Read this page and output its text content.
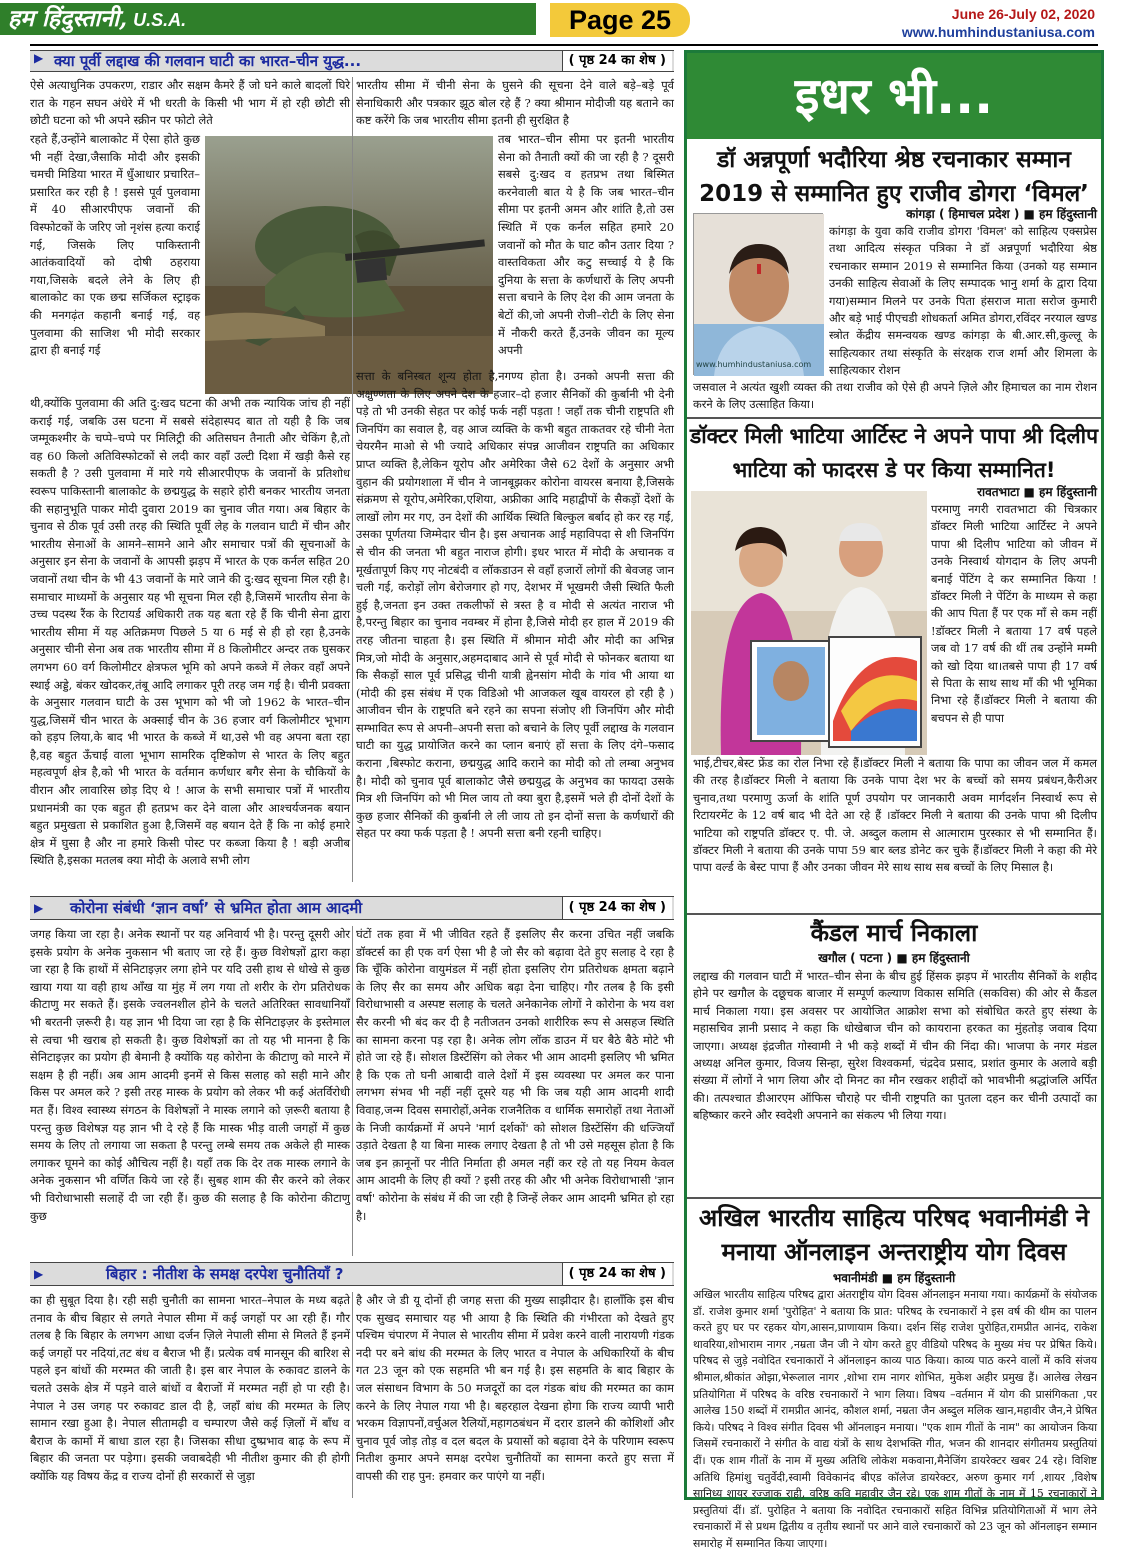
हम हिंदुस्तानी, U.S.A.	Page 25	June 26-July 02, 2020
www.humhindustaniusa.com
▶ क्या पूर्वी लद्दाख की गलवान घाटी का भारत–चीन युद्ध...	( पृष्ठ 24 का शेष )
ऐसे अत्याधुनिक उपकरण, राडार और सक्षम कैमरे हैं जो घने काले बादलों घिरे रात के गहन सघन अंधेरे में भी धरती के किसी भी भाग में हो रही छोटी सी छोटी घटना को भी अपने स्क्रीन पर फोटो लेते
रहते हैं,उन्होंने बालाकोट में ऐसा होते कुछ भी नहीं देखा,जैसाकि मोदी और इसकी चमची मिडिया भारत में धुँआधार प्रचारित–प्रसारित कर रही है ! इससे पूर्व पुलवामा में 40 सीआरपीएफ जवानों की विस्फोटकों के जरिए जो नृशंस हत्या कराई गई, जिसके लिए पाकिस्तानी आतंकवादियों को दोषी ठहराया गया,जिसके बदले लेने के लिए ही बालाकोट का एक छद्म सर्जिकल स्ट्राइक की मनगढ़ंत कहानी बनाई गई, वह पुलवामा की साजिश भी मोदी सरकार द्वारा ही बनाई गई
थी,क्योंकि पुलवामा की अति दु:खद घटना की अभी तक न्यायिक जांच ही नहीं कराई गई, जबकि उस घटना में सबसे संदेहास्पद बात तो यही है कि जब जम्मूकश्मीर के चप्पे–चप्पे पर मिलिट्री की अतिसघन तैनाती और चेकिंग है,तो वह 60 किलो अतिविस्फोटकों से लदी कार वहाँ उल्टी दिशा में खड़ी कैसे रह सकती है ? उसी पुलवामा में मारे गये सीआरपीएफ के जवानों के प्रतिशोध स्वरूप पाकिस्तानी बालाकोट के छद्मयुद्ध के सहारे होरी बनकर भारतीय जनता की सहानुभूति पाकर मोदी दुवारा 2019 का चुनाव जीत गया। अब बिहार के चुनाव से ठीक पूर्व उसी तरह की स्थिति पूर्वी लेह के गलवान घाटी में चीन और भारतीय सेनाओं के आमने–सामने आने और समाचार पत्रों की सूचनाओं के अनुसार इन सेना के जवानों के आपसी झड़प में भारत के एक कर्नल सहित 20 जवानों तथा चीन के भी 43 जवानों के मारे जाने की दु:खद सूचना मिल रही है। समाचार माध्यमों के अनुसार यह भी सूचना मिल रही है,जिसमें भारतीय सेना के उच्च पदस्थ रैंक के रिटायर्ड अधिकारी तक यह बता रहे हैं कि चीनी सेना द्वारा भारतीय सीमा में यह अतिक्रमण पिछले 5 या 6 मई से ही हो रहा है,उनके अनुसार चीनी सेना अब तक भारतीय सीमा में 8 किलोमीटर अन्दर तक घुसकर लगभग 60 वर्ग किलोमीटर क्षेत्रफल भूमि को अपने कब्जे में लेकर वहाँ अपने स्थाई अड्डे, बंकर खोदकर,तंबू आदि लगाकर पूरी तरह जम गई है। चीनी प्रवक्ता के अनुसार गलवान घाटी के उस भूभाग को भी जो 1962 के भारत–चीन युद्ध,जिसमें चीन भारत के अक्साई चीन के 36 हजार वर्ग किलोमीटर भूभाग को हड़प लिया,के बाद भी भारत के कब्जे में था,उसे भी वह अपना बता रहा है,वह बहुत ऊँचाई वाला भूभाग सामरिक दृष्टिकोण से भारत के लिए बहुत महत्वपूर्ण क्षेत्र है,को भी भारत के वर्तमान कर्णधार बगैर सेना के चौकियों के वीरान और लावारिस छोड़ दिए थे ! आज के सभी समाचार पत्रों में भारतीय प्रधानमंत्री का एक बहुत ही हतप्रभ कर देने वाला और आश्चर्यजनक बयान बहुत प्रमुखता से प्रकाशित हुआ है,जिसमें वह बयान देते हैं कि ना कोई हमारे क्षेत्र में घुसा है और ना हमारे किसी पोस्ट पर कब्जा किया है ! बड़ी अजीब स्थिति है,इसका मतलब क्या मोदी के अलावे सभी लोग
भारतीय सीमा में चीनी सेना के घुसने की सूचना देने वाले बड़े–बड़े पूर्व सेनाधिकारी और पत्रकार झूठ बोल रहे हैं ? क्या श्रीमान मोदीजी यह बताने का कष्ट करेंगे कि जब भारतीय सीमा इतनी ही सुरक्षित है
तब भारत–चीन सीमा पर इतनी भारतीय सेना को तैनाती क्यों की जा रही है ? दूसरी सबसे दु:खद व हतप्रभ तथा बिस्मित करनेवाली बात ये है कि जब भारत–चीन सीमा पर इतनी अमन और शांति है,तो उस स्थिति में एक कर्नल सहित हमारे 20 जवानों को मौत के घाट कौन उतार दिया ? वास्तविकता और कटु सच्चाई ये है कि दुनिया के सत्ता के कर्णधारों के लिए अपनी सत्ता बचाने के लिए देश की आम जनता के बेटों की,जो अपनी रोजी–रोटी के लिए सेना में नौकरी करते हैं,उनके जीवन का मूल्य अपनी
सत्ता के बनिस्बत शून्य होता है,नगण्य होता है। उनको अपनी सत्ता की अक्षुण्णता के लिए अपने देश के हजार–दो हजार सैनिकों की कुर्बानी भी देनी पड़े तो भी उनकी सेहत पर कोई फर्क नहीं पड़ता ! जहाँ तक चीनी राष्ट्रपति शी जिनपिंग का सवाल है, वह आज व्यक्ति के कभी बहुत ताकतवर रहे चीनी नेता चेयरमैन माओ से भी ज्यादे अधिकार संपन्न आजीवन राष्ट्रपति का अधिकार प्राप्त व्यक्ति है,लेकिन यूरोप और अमेरिका जैसे 62 देशों के अनुसार अभी वुहान की प्रयोगशाला में चीन ने जानबूझकर कोरोना वायरस बनाया है,जिसके संक्रमण से यूरोप,अमेरिका,एशिया, अफ्रीका आदि महाद्वीपों के सैकड़ों देशों के लाखों लोग मर गए, उन देशों की आर्थिक स्थिति बिल्कुल बर्बाद हो कर रह गई, उसका पूर्णतया जिम्मेदार चीन है। इस अचानक आई महाविपदा से शी जिनपिंग से चीन की जनता भी बहुत नाराज होगी। इधर भारत में मोदी के अचानक व मूर्खतापूर्ण किए गए नोटबंदी व लॉकडाउन से वहाँ हजारों लोगों की बेवजह जान चली गई, करोड़ों लोग बेरोजगार हो गए, देशभर में भूखमरी जैसी स्थिति फैली हुई है,जनता इन उक्त तकलीफों से त्रस्त है व मोदी से अत्यंत नाराज भी है,परन्तु बिहार का चुनाव नवम्बर में होना है,जिसे मोदी हर हाल में 2019 की तरह जीतना चाहता है। इस स्थिति में श्रीमान मोदी और मोदी का अभिन्न मित्र,जो मोदी के अनुसार,अहमदाबाद आने से पूर्व मोदी से फोनकर बताया था कि सैकड़ों साल पूर्व प्रसिद्ध चीनी यात्री ह्वेनसांग मोदी के गांव भी आया था (मोदी की इस संबंध में एक विडिओ भी आजकल खूब वायरल हो रही है ) आजीवन चीन के राष्ट्रपति बने रहने का सपना संजोए शी जिनपिंग और मोदी सम्भावित रूप से अपनी–अपनी सत्ता को बचाने के लिए पूर्वी लद्दाख के गलवान घाटी का युद्ध प्रायोजित करने का प्लान बनाएं हों सत्ता के लिए दंगे–फसाद कराना ,बिस्फोट कराना, छद्मयुद्ध आदि कराने का मोदी को तो लम्बा अनुभव है। मोदी को चुनाव पूर्व बालाकोट जैसे छद्मयुद्ध के अनुभव का फायदा उसके मित्र शी जिनपिंग को भी मिल जाय तो क्या बुरा है,इसमें भले ही दोनों देशों के कुछ हजार सैनिकों की कुर्बानी ले ली जाय तो इन दोनों सत्ता के कर्णधारों की सेहत पर क्या फर्क पड़ता है ! अपनी सत्ता बनी रहनी चाहिए।
▶ कोरोना संबंधी ‘ज्ञान वर्षा’ से भ्रमित होता आम आदमी	( पृष्ठ 24 का शेष )
जगह किया जा रहा है। अनेक स्थानों पर यह अनिवार्य भी है। परन्तु दूसरी ओर इसके प्रयोग के अनेक नुकसान भी बताए जा रहे हैं। कुछ विशेषज्ञों द्वारा कहा जा रहा है कि हाथों में सेनिटाइज़र लगा होने पर यदि उसी हाथ से धोखे से कुछ खाया गया या वही हाथ आँख या मुंह में लग गया तो शरीर के रोग प्रतिरोधक कीटाणु मर सकते हैं। इसके ज्वलनशील होने के चलते अतिरिक्त सावधानियाँ भी बरतनी ज़रूरी है। यह ज्ञान भी दिया जा रहा है कि सेनिटाइज़र के इस्तेमाल से त्वचा भी खराब हो सकती है। कुछ विशेषज्ञों का तो यह भी मानना है कि सेनिटाइज़र का प्रयोग ही बेमानी है क्योंकि यह कोरोना के कीटाणु को मारने में सक्षम है ही नहीं। अब आम आदमी इनमें से किस सलाह को सही माने और किस पर अमल करे ? इसी तरह मास्क के प्रयोग को लेकर भी कई अंतर्विरोधी मत हैं। विश्व स्वास्थ्य संगठन के विशेषज्ञों ने मास्क लगाने को ज़रूरी बताया है परन्तु कुछ विशेषज्ञ यह ज्ञान भी दे रहे हैं कि मास्क भीड़ वाली जगहों में कुछ समय के लिए तो लगाया जा सकता है परन्तु लम्बे समय तक अकेले ही मास्क लगाकर घूमने का कोई औचित्य नहीं है। यहाँ तक कि देर तक मास्क लगाने के अनेक नुकसान भी वर्णित किये जा रहे हैं। सुबह शाम की सैर करने को लेकर भी विरोधाभासी सलाहें दी जा रही हैं। कुछ की सलाह है कि कोरोना कीटाणु कुछ
घंटों तक हवा में भी जीवित रहते हैं इसलिए सैर करना उचित नहीं जबकि डॉक्टर्स का ही एक वर्ग ऐसा भी है जो सैर को बढ़ावा देते हुए सलाह दे रहा है कि चूँकि कोरोना वायुमंडल में नहीं होता इसलिए रोग प्रतिरोधक क्षमता बढ़ाने के लिए सैर का समय और अधिक बढ़ा देना चाहिए। गौर तलब है कि इसी विरोधाभासी व अस्पष्ट सलाह के चलते अनेकानेक लोगों ने कोरोना के भय वश सैर करनी भी बंद कर दी है नतीजतन उनको शारीरिक रूप से असहज स्थिति का सामना करना पड़ रहा है। अनेक लोग लॉक डाउन में घर बैठे बैठे मोटे भी होते जा रहे हैं। सोशल डिस्टेंसिंग को लेकर भी आम आदमी इसलिए भी भ्रमित है कि एक तो घनी आबादी वाले देशों में इस व्यवस्था पर अमल कर पाना लगभग संभव भी नहीं नहीं दूसरे यह भी कि जब यही आम आदमी शादी विवाह,जन्म दिवस समारोहों,अनेक राजनैतिक व धार्मिक समारोहों तथा नेताओं के निजी कार्यक्रमों में अपने 'मार्ग दर्शकों' को सोशल डिस्टेंसिंग की धज्जियाँ उड़ाते देखता है या बिना मास्क लगाए देखता है तो भी उसे महसूस होता है कि जब इन क़ानूनों पर नीति निर्माता ही अमल नहीं कर रहे तो यह नियम केवल आम आदमी के लिए ही क्यों ? इसी तरह की और भी अनेक विरोधाभासी 'ज्ञान वर्षा' कोरोना के संबंध में की जा रही है जिन्हें लेकर आम आदमी भ्रमित हो रहा है।
▶	बिहार : नीतीश के समक्ष दरपेश चुनौतियाँ ?	( पृष्ठ 24 का शेष )
का ही सुबूत दिया है। रही सही चुनौती का सामना भारत–नेपाल के मध्य बढ़ते तनाव के बीच बिहार से लगते नेपाल सीमा में कई जगहों पर आ रही हैं। गौर तलब है कि बिहार के लगभग आधा दर्जन ज़िले नेपाली सीमा से मिलते हैं इनमें कई जगहों पर नदियां,तट बंध व बैराज भी हैं। प्रत्येक वर्ष मानसून की बारिश से पहले इन बांधों की मरम्मत की जाती है। इस बार नेपाल के रुकावट डालने के चलते उसके क्षेत्र में पड़ने वाले बांधों व बैराजों में मरम्मत नहीं हो पा रही है। नेपाल ने उस जगह पर रुकावट डाल दी है, जहाँ बांध की मरम्मत के लिए सामान रखा हुआ है। नेपाल सीतामढ़ी व चम्पारण जैसे कई ज़िलों में बाँध व बैराज के कामों में बाधा डाल रहा है। जिसका सीधा दुष्प्रभाव बाढ़ के रूप में बिहार की जनता पर पड़ेगा। इसकी जवाबदेही भी नीतीश कुमार की ही होगी क्योंकि यह विषय केंद्र व राज्य दोनों ही सरकारों से जुड़ा
है और जे डी यू दोनों ही जगह सत्ता की मुख्य साझीदार है। हालाँकि इस बीच एक सुखद समाचार यह भी आया है कि स्थिति की गंभीरता को देखते हुए पश्चिम चंपारण में नेपाल से भारतीय सीमा में प्रवेश करने वाली नारायणी गंडक नदी पर बने बांध की मरम्मत के लिए भारत व नेपाल के अधिकारियों के बीच गत 23 जून को एक सहमति भी बन गई है। इस सहमति के बाद बिहार के जल संसाधन विभाग के 50 मजदूरों का दल गंडक बांध की मरम्मत का काम करने के लिए नेपाल गया भी है। बहरहाल देखना होगा कि राज्य व्यापी भारी भरकम विज्ञापनों,वर्चुअल रैलियों,महागठबंधन में दरार डालने की कोशिशों और चुनाव पूर्व जोड़ तोड़ व दल बदल के प्रयासों को बढ़ावा देने के परिणाम स्वरूप नितीश कुमार अपने समक्ष दरपेश चुनौतियों का सामना करते हुए सत्ता में वापसी की राह पुन: हमवार कर पाएंगे या नहीं।
इधर भी...
डॉ अन्नपूर्णा भदौरिया श्रेष्ठ रचनाकार सम्मान 2019 से सम्मानित हुए राजीव डोगरा ‘विमल’
www.humhindustaniusa.com
कांगड़ा ( हिमाचल प्रदेश ) ■ हम हिंदुस्तानी
कांगड़ा के युवा कवि राजीव डोगरा 'विमल' को साहित्य एक्सप्रेस तथा आदित्य संस्कृत पत्रिका ने डॉ अन्नपूर्णा भदौरिया श्रेष्ठ रचनाकार सम्मान 2019 से सम्मानित किया (उनको यह सम्मान उनकी साहित्य सेवाओं के लिए सम्पादक भानु शर्मा के द्वारा दिया गया)सम्मान मिलने पर उनके पिता हंसराज माता सरोज कुमारी और बड़े भाई पीएचडी शोधकर्ता अमित डोगरा,रविंदर नरयाल खण्ड स्त्रोत केंद्रीय समन्वयक खण्ड कांगड़ा के बी.आर.सी,कुल्लू के साहित्यकार तथा संस्कृति के संरक्षक राज शर्मा और शिमला के साहित्यकार रोशन
जसवाल ने अत्यंत खुशी व्यक्त की तथा राजीव को ऐसे ही अपने ज़िले और हिमाचल का नाम रोशन करने के लिए उत्साहित किया।
डॉक्टर मिली भाटिया आर्टिस्ट ने अपने पापा श्री दिलीप भाटिया को फादरस डे पर किया सम्मानित!
रावतभाटा ■ हम हिंदुस्तानी
परमाणु नगरी रावतभाटा की चित्रकार डॉक्टर मिली भाटिया आर्टिस्ट ने अपने पापा श्री दिलीप भाटिया को जीवन में उनके निस्वार्थ योगदान के लिए अपनी बनाई पेंटिंग दे कर सम्मानित किया !डॉक्टर मिली ने पेंटिंग के माध्यम से कहा की आप पिता हैं पर एक माँ से कम नहीं !डॉक्टर मिली ने बताया 17 वर्ष पहले जब वो 17 वर्ष की थीं तब उन्होंने मम्मी को खो दिया था।तबसे पापा ही 17 वर्ष से पिता के साथ साथ माँ की भी भूमिका निभा रहे हैं।डॉक्टर मिली ने बताया की बचपन से ही पापा
भाई,टीचर,बेस्ट फ्रेंड का रोल निभा रहे हैं।डॉक्टर मिली ने बताया कि पापा का जीवन जल में कमल की तरह है।डॉक्टर मिली ने बताया कि उनके पापा देश भर के बच्चों को समय प्रबंधन,कैरीअर चुनाव,तथा परमाणु ऊर्जा के शांति पूर्ण उपयोग पर जानकारी अवम मार्गदर्शन निस्वार्थ रूप से रिटायरमेंट के 12 वर्ष बाद भी देते आ रहे हैं ।डॉक्टर मिली ने बताया की उनके पापा श्री दिलीप भाटिया को राष्ट्रपति डॉक्टर ए. पी. जे. अब्दुल कलाम से आत्माराम पुरस्कार से भी सम्मानित हैं।डॉक्टर मिली ने बताया की उनके पापा 59 बार ब्लड डोनेट कर चुके हैं।डॉक्टर मिली ने कहा की मेरे पापा वर्ल्ड के बेस्ट पापा हैं और उनका जीवन मेरे साथ साथ सब बच्चों के लिए मिसाल है।
कैंडल मार्च निकाला
खगौल ( पटना ) ■ हम हिंदुस्तानी
लद्दाख की गलवान घाटी में भारत–चीन सेना के बीच हुई हिंसक झड़प में भारतीय सैनिकों के शहीद होने पर खगौल के दछूचक बाजार में सम्पूर्ण कल्याण विकास समिति (सकविस) की ओर से कैंडल मार्च निकाला गया। इस अवसर पर आयोजित आक्रोश सभा को संबोधित करते हुए संस्था के महासचिव ज्ञानी प्रसाद ने कहा कि धोखेबाज चीन को कायराना हरकत का मुंहतोड़ जवाब दिया जाएगा। अध्यक्ष इंद्रजीत गोस्वामी ने भी कड़े शब्दों में चीन की निंदा की। भाजपा के नगर मंडल अध्यक्ष अनिल कुमार, विजय सिन्हा, सुरेश विश्वकर्मा, चंद्रदेव प्रसाद, प्रशांत कुमार के अलावे बड़ी संख्या में लोगों ने भाग लिया और दो मिनट का मौन रखकर शहीदों को भावभीनी श्रद्धांजलि अर्पित की। तत्पश्चात डीआरएम ऑफिस चौराहे पर चीनी राष्ट्रपति का पुतला दहन कर चीनी उत्पादों का बहिष्कार करने और स्वदेशी अपनाने का संकल्प भी लिया गया।
अखिल भारतीय साहित्य परिषद भवानीमंडी ने मनाया ऑनलाइन अन्तराष्ट्रीय योग दिवस
भवानीमंडी ■ हम हिंदुस्तानी
अखिल भारतीय साहित्य परिषद द्वारा अंतराष्ट्रीय योग दिवस ऑनलाइन मनाया गया। कार्यक्रमों के संयोजक डॉ. राजेश कुमार शर्मा 'पुरोहित' ने बताया कि प्रात: परिषद के रचनाकारों ने इस वर्ष की थीम का पालन करते हुए घर पर रहकर योग,आसन,प्राणायाम किया। दर्शन सिंह राजेश पुरोहित,रामप्रीत आनंद, राकेश थावरिया,शोभाराम नागर ,नम्रता जैन जी ने योग करते हुए वीडियो परिषद के मुख्य मंच पर प्रेषित किये। परिषद से जुड़े नवोदित रचनाकारों ने ऑनलाइन काव्य पाठ किया। काव्य पाठ करने वालों में कवि संजय श्रीमाल,श्रीकांत ओझा,भेरूलाल नागर ,शोभा राम नागर शोभित, मुकेश अहीर प्रमुख हैं। आलेख लेखन प्रतियोगिता में परिषद के वरिष्ठ रचनाकारों ने भाग लिया। विषय –वर्तमान में योग की प्रासंगिकता ,पर आलेख 150 शब्दों में रामप्रीत आनंद, कौशल शर्मा, नम्रता जैन अब्दुल मलिक खान,महावीर जैन,ने प्रेषित किये। परिषद ने विश्व संगीत दिवस भी ऑनलाइन मनाया। "एक शाम गीतों के नाम" का आयोजन किया जिसमें रचनाकारों ने संगीत के वाद्य यंत्रों के साथ देशभक्ति गीत, भजन की शानदार संगीतमय प्रस्तुतियां दीं। एक शाम गीतों के नाम में मुख्य अतिथि लोकेश मकवाना,मैनेजिंग डायरेक्टर खबर 24 रहे। विशिष्ट अतिथि हिमांशु चतुर्वेदी,स्वामी विवेकानंद बीएड कॉलेज डायरेक्टर, अरुण कुमार गर्ग ,शायर ,विशेष सानिध्य शायर रज्जाक राही, वरिष्ठ कवि महावीर जैन रहे। एक शाम गीतों के नाम में 15 रचनाकारों ने प्रस्तुतियां दीं। डॉ. पुरोहित ने बताया कि नवोदित रचनाकारों सहित विभिन्न प्रतियोगिताओं में भाग लेने रचनाकारों में से प्रथम द्वितीय व तृतीय स्थानों पर आने वाले रचनाकारों को 23 जून को ऑनलाइन सम्मान समारोह में सम्मानित किया जाएगा।
